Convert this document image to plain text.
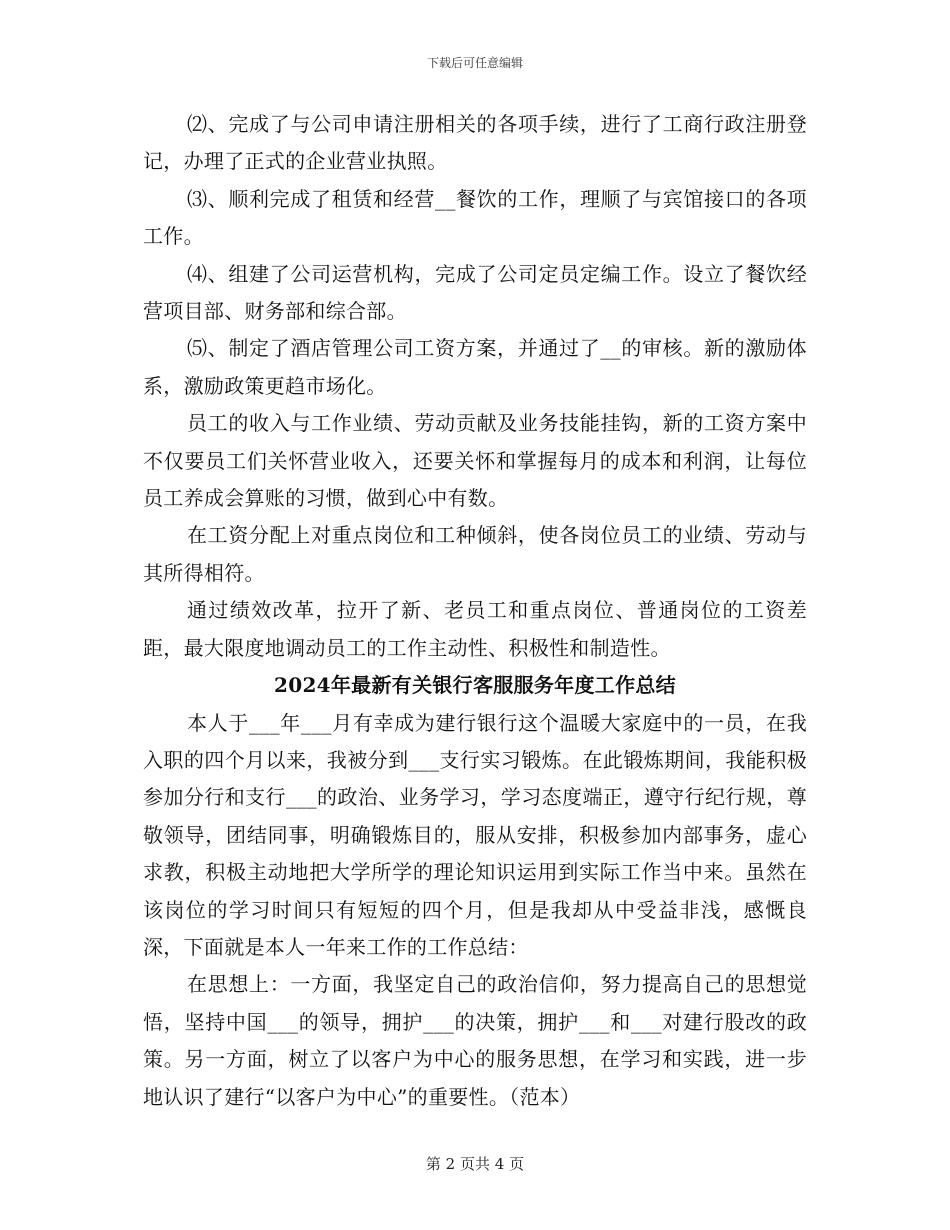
下载后可任意编辑

⑵、完成了与公司申请注册相关的各项手续，进行了工商行政注册登记，办理了正式的企业营业执照。

⑶、顺利完成了租赁和经营__餐饮的工作，理顺了与宾馆接口的各项工作。

⑷、组建了公司运营机构，完成了公司定员定编工作。设立了餐饮经营项目部、财务部和综合部。

⑸、制定了酒店管理公司工资方案，并通过了__的审核。新的激励体系，激励政策更趋市场化。

员工的收入与工作业绩、劳动贡献及业务技能挂钩，新的工资方案中不仅要员工们关怀营业收入，还要关怀和掌握每月的成本和利润，让每位员工养成会算账的习惯，做到心中有数。

在工资分配上对重点岗位和工种倾斜，使各岗位员工的业绩、劳动与其所得相符。

通过绩效改革，拉开了新、老员工和重点岗位、普通岗位的工资差距，最大限度地调动员工的工作主动性、积极性和制造性。

2024年最新有关银行客服服务年度工作总结

本人于___年___月有幸成为建行银行这个温暖大家庭中的一员，在我入职的四个月以来，我被分到___支行实习锻炼。在此锻炼期间，我能积极参加分行和支行___的政治、业务学习，学习态度端正，遵守行纪行规，尊敬领导，团结同事，明确锻炼目的，服从安排，积极参加内部事务，虚心求教，积极主动地把大学所学的理论知识运用到实际工作当中来。虽然在该岗位的学习时间只有短短的四个月，但是我却从中受益非浅，感慨良深，下面就是本人一年来工作的工作总结：

在思想上：一方面，我坚定自己的政治信仰，努力提高自己的思想觉悟，坚持中国___的领导，拥护___的决策，拥护___和___对建行股改的政策。另一方面，树立了以客户为中心的服务思想，在学习和实践，进一步地认识了建行“以客户为中心”的重要性。（范本）

第 2 页共 4 页
